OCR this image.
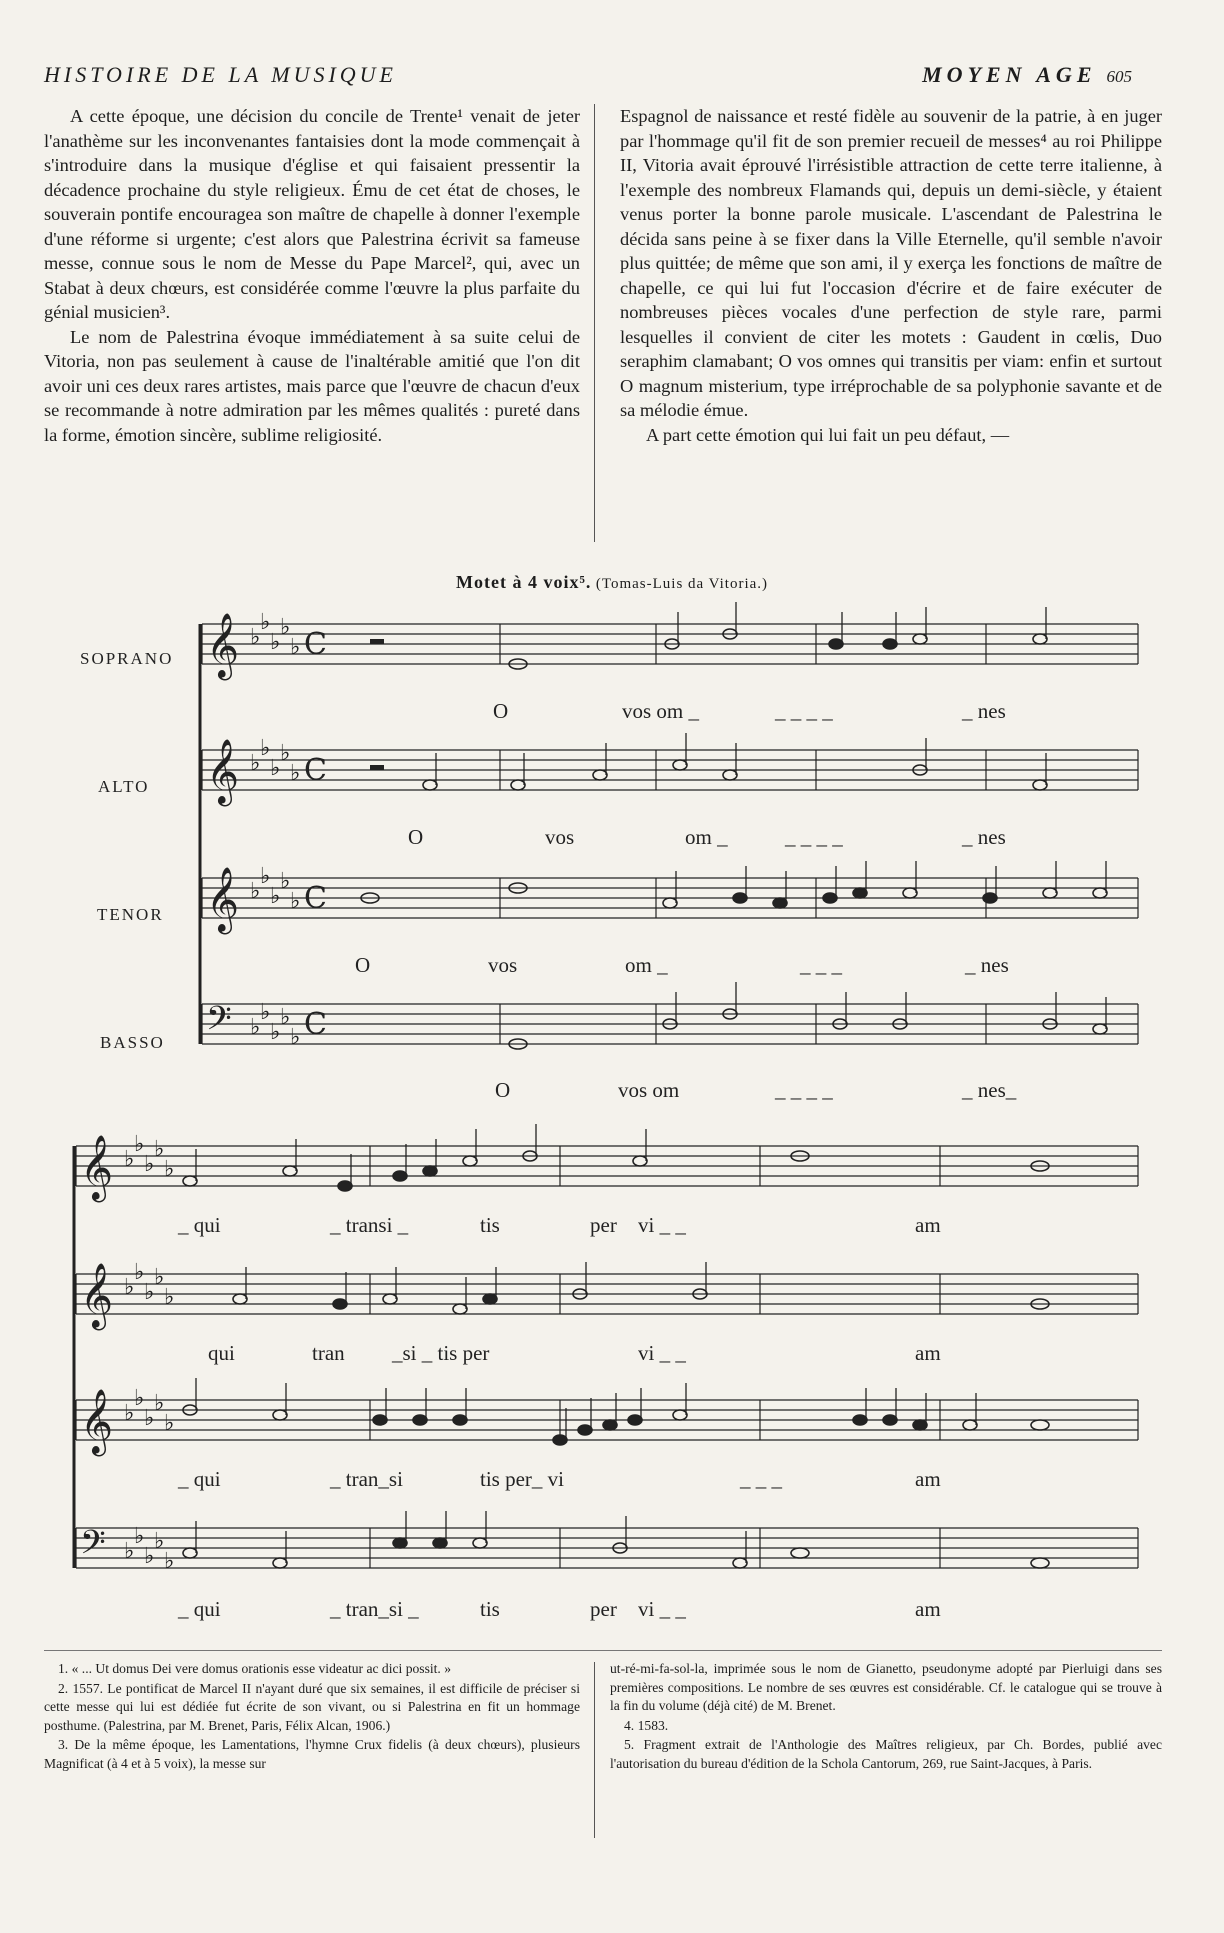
HISTOIRE DE LA MUSIQUE	MOYEN AGE 605

A cette époque, une décision du concile de Trente¹ venait de jeter l'anathème sur les inconvenantes fantaisies dont la mode commençait à s'introduire dans la musique d'église et qui faisaient pressentir la décadence prochaine du style religieux. Ému de cet état de choses, le souverain pontife encouragea son maître de chapelle à donner l'exemple d'une réforme si urgente; c'est alors que Palestrina écrivit sa fameuse messe, connue sous le nom de Messe du Pape Marcel², qui, avec un Stabat à deux chœurs, est considérée comme l'œuvre la plus parfaite du génial musicien³.

Le nom de Palestrina évoque immédiatement à sa suite celui de Vitoria, non pas seulement à cause de l'inaltérable amitié que l'on dit avoir uni ces deux rares artistes, mais parce que l'œuvre de chacun d'eux se recommande à notre admiration par les mêmes qualités : pureté dans la forme, émotion sincère, sublime religiosité.

Espagnol de naissance et resté fidèle au souvenir de la patrie, à en juger par l'hommage qu'il fit de son premier recueil de messes⁴ au roi Philippe II, Vitoria avait éprouvé l'irrésistible attraction de cette terre italienne, à l'exemple des nombreux Flamands qui, depuis un demi-siècle, y étaient venus porter la bonne parole musicale. L'ascendant de Palestrina le décida sans peine à se fixer dans la Ville Eternelle, qu'il semble n'avoir plus quittée; de même que son ami, il y exerça les fonctions de maître de chapelle, ce qui lui fut l'occasion d'écrire et de faire exécuter de nombreuses pièces vocales d'une perfection de style rare, parmi lesquelles il convient de citer les motets : Gaudent in cœlis, Duo seraphim clamabant; O vos omnes qui transitis per viam: enfin et surtout O magnum misterium, type irréprochable de sa polyphonie savante et de sa mélodie émue.

A part cette émotion qui lui fait un peu défaut, —

Motet à 4 voix⁵. (Tomas-Luis da Vitoria.)
SOPRANO
ALTO
TENOR
BASSO
𝄞 ♭
♭
♭
♭
♭ C
𝄞 ♭
♭
♭
♭
♭ C
𝄞 ♭
♭
♭
♭
♭ C
𝄢 ♭
♭
♭
♭
♭ C
𝄞 ♭
♭
♭
♭
♭
𝄞 ♭
♭
♭
♭
♭
𝄞 ♭
♭
♭
♭
♭
𝄢 ♭
♭
♭
♭
♭
O	vos om _	_ _ _ _	_ nes
O	vos	om _	_ _ _ _	_ nes
O	vos	om _	_ _ _	_ nes
O	vos om	_ _ _ _	_ nes_
_ qui	_ transi _	tis	per vi _ _	am
qui	tran _si _ tis per	vi _ _	am
_ qui	_ tran_si	tis per_ vi	_ _ _	am
_ qui	_ tran_si _	tis	per vi _ _	am

1. « ... Ut domus Dei vere domus orationis esse videatur ac dici possit. »

2. 1557. Le pontificat de Marcel II n'ayant duré que six semaines, il est difficile de préciser si cette messe qui lui est dédiée fut écrite de son vivant, ou si Palestrina en fit un hommage posthume. (Palestrina, par M. Brenet, Paris, Félix Alcan, 1906.)

3. De la même époque, les Lamentations, l'hymne Crux fidelis (à deux chœurs), plusieurs Magnificat (à 4 et à 5 voix), la messe sur

ut-ré-mi-fa-sol-la, imprimée sous le nom de Gianetto, pseudonyme adopté par Pierluigi dans ses premières compositions. Le nombre de ses œuvres est considérable. Cf. le catalogue qui se trouve à la fin du volume (déjà cité) de M. Brenet.

4. 1583.

5. Fragment extrait de l'Anthologie des Maîtres religieux, par Ch. Bordes, publié avec l'autorisation du bureau d'édition de la Schola Cantorum, 269, rue Saint-Jacques, à Paris.
